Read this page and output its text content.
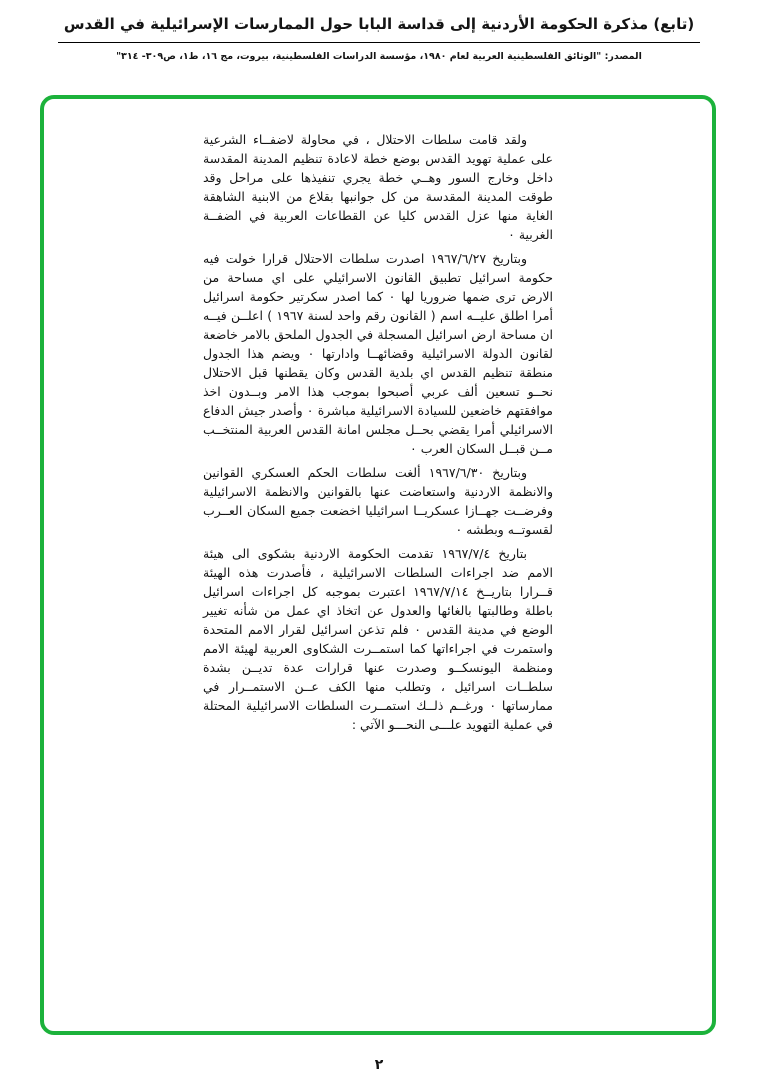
(تابع) مذكرة الحكومة الأردنية إلى قداسة البابا حول الممارسات الإسرائيلية في القدس
المصدر: "الوثائق الفلسطينية العربية لعام ١٩٨٠، مؤسسة الدراسات الفلسطينية، بيروت، مج ١٦، ط١، ص٣٠٩- ٣١٤"

ولقد قامت سلطات الاحتلال ، في محاولة لاضفــاء الشرعية على عملية تهويد القدس بوضع خطة لاعادة تنظيم المدينة المقدسة داخل وخارج السور وهــي خطة يجري تنفيذها على مراحل وقد طوقت المدينة المقدسة من كل جوانبها بقلاع من الابنية الشاهقة الغاية منها عزل القدس كليا عن القطاعات العربية في الضفــة الغربية ٠

وبتاريخ ١٩٦٧/٦/٢٧ اصدرت سلطات الاحتلال قرارا خولت فيه حكومة اسرائيل تطبيق القانون الاسرائيلي على اي مساحة من الارض ترى ضمها ضروريا لها ٠ كما اصدر سكرتير حكومة اسرائيل أمرا اطلق عليــه اسم ( القانون رقم واحد لسنة ١٩٦٧ ) اعلــن فيــه ان مساحة ارض اسرائيل المسجلة في الجدول الملحق بالامر خاضعة لقانون الدولة الاسرائيلية وقضائهــا وادارتها ٠ ويضم هذا الجدول منطقة تنظيم القدس اي بلدية القدس وكان يقطنها قبل الاحتلال نحــو تسعين ألف عربي أصبحوا بموجب هذا الامر وبــدون اخذ موافقتهم خاضعين للسيادة الاسرائيلية مباشرة ٠ وأصدر جيش الدفاع الاسرائيلي أمرا يقضي بحــل مجلس امانة القدس العربية المنتخــب مــن قبــل السكان العرب ٠

وبتاريخ ١٩٦٧/٦/٣٠ ألغت سلطات الحكم العسكري القوانين والانظمة الاردنية واستعاضت عنها بالقوانين والانظمة الاسرائيلية وفرضــت جهــازا عسكريــا اسرائيليا اخضعت جميع السكان العــرب لقسوتــه وبطشه ٠

بتاريخ ١٩٦٧/٧/٤ تقدمت الحكومة الاردنية بشكوى الى هيئة الامم ضد اجراءات السلطات الاسرائيلية ، فأصدرت هذه الهيئة قــرارا بتاريــخ ١٩٦٧/٧/١٤ اعتبرت بموجبه كل اجراءات اسرائيل باطلة وطالبتها بالغائها والعدول عن اتخاذ اي عمل من شأنه تغيير الوضع في مدينة القدس ٠ فلم تذعن اسرائيل لقرار الامم المتحدة واستمرت في اجراءاتها كما استمــرت الشكاوى العربية لهيئة الامم ومنظمة اليونسكــو وصدرت عنها قرارات عدة تديــن بشدة سلطــات اسرائيل ، وتطلب منها الكف عــن الاستمــرار في ممارساتها ٠ ورغــم ذلــك استمــرت السلطات الاسرائيلية المحتلة في عملية التهويد علـــى النحـــو الآتي :

٢
